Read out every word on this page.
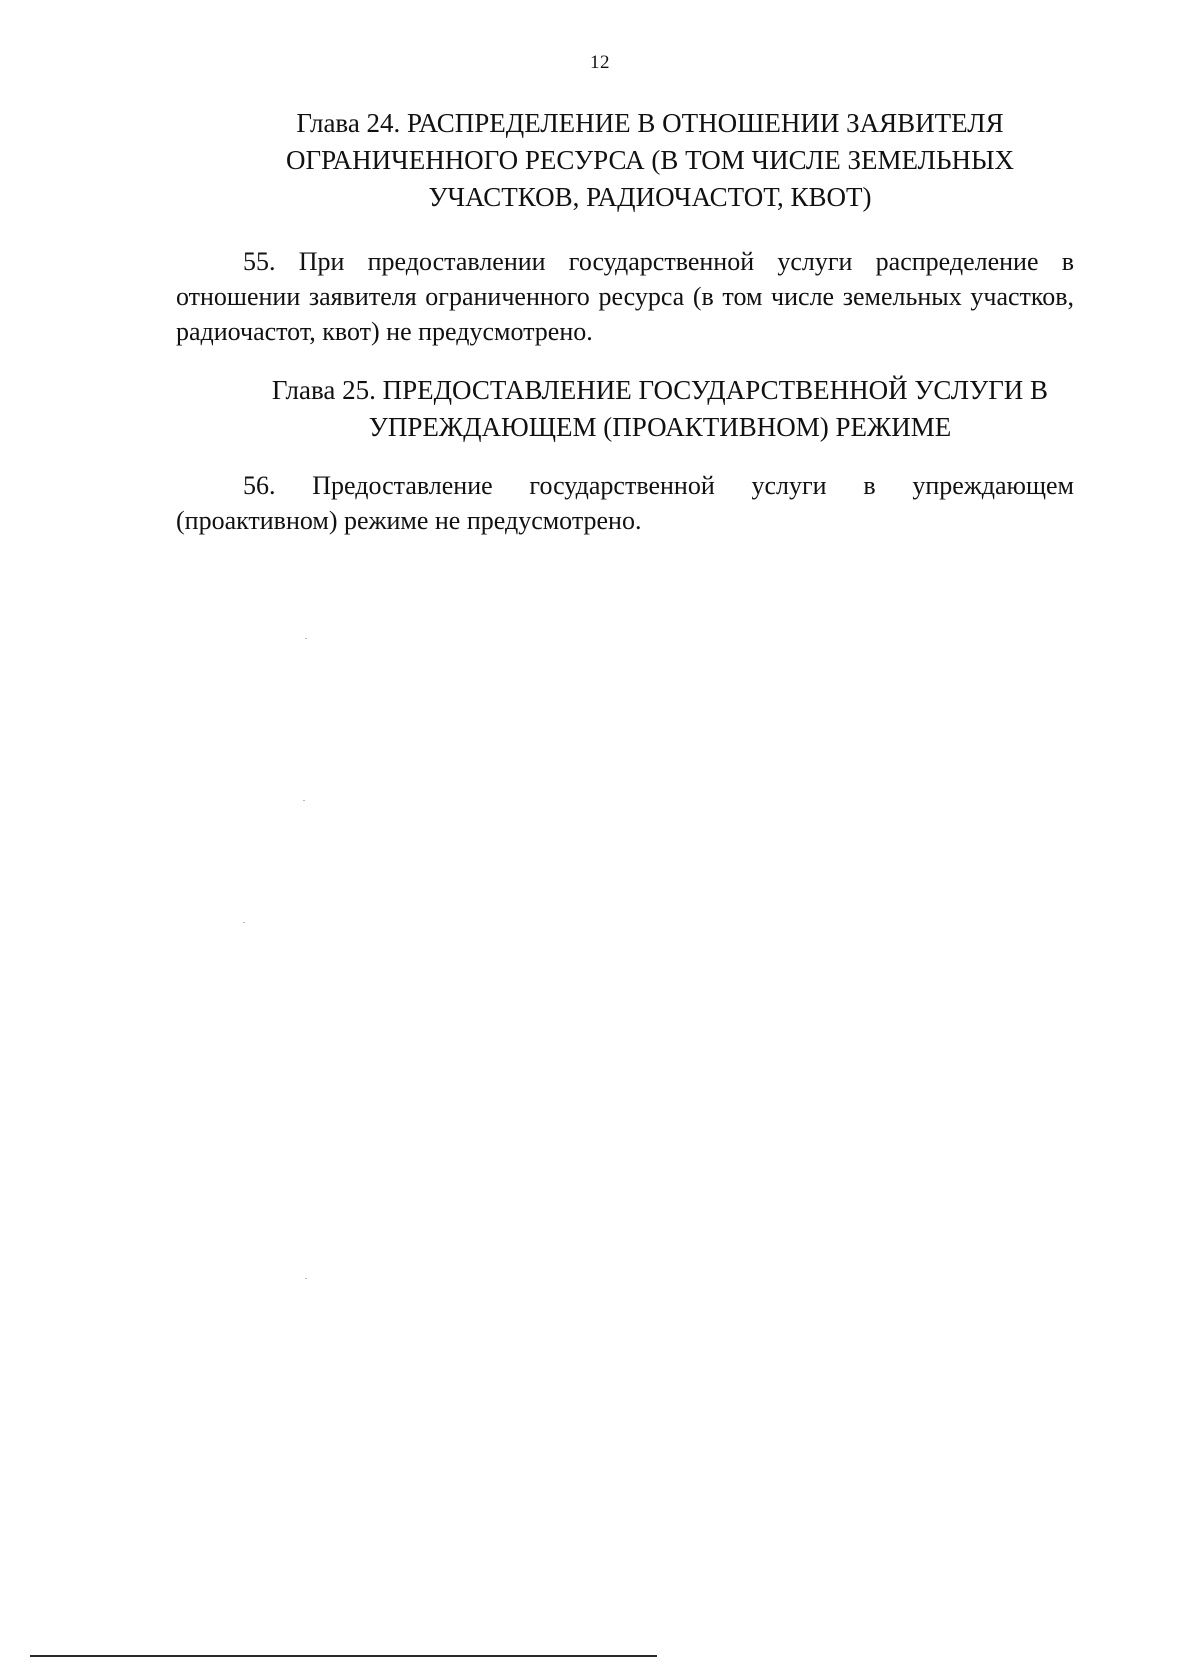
12
Глава 24. РАСПРЕДЕЛЕНИЕ В ОТНОШЕНИИ ЗАЯВИТЕЛЯ
ОГРАНИЧЕННОГО РЕСУРСА (В ТОМ ЧИСЛЕ ЗЕМЕЛЬНЫХ
УЧАСТКОВ, РАДИОЧАСТОТ, КВОТ)
55. При предоставлении государственной услуги распределение в отношении заявителя ограниченного ресурса (в том числе земельных участков, радиочастот, квот) не предусмотрено.
Глава 25. ПРЕДОСТАВЛЕНИЕ ГОСУДАРСТВЕННОЙ УСЛУГИ В
УПРЕЖДАЮЩЕМ (ПРОАКТИВНОМ) РЕЖИМЕ
56. Предоставление государственной услуги в упреждающем (проактивном) режиме не предусмотрено.
